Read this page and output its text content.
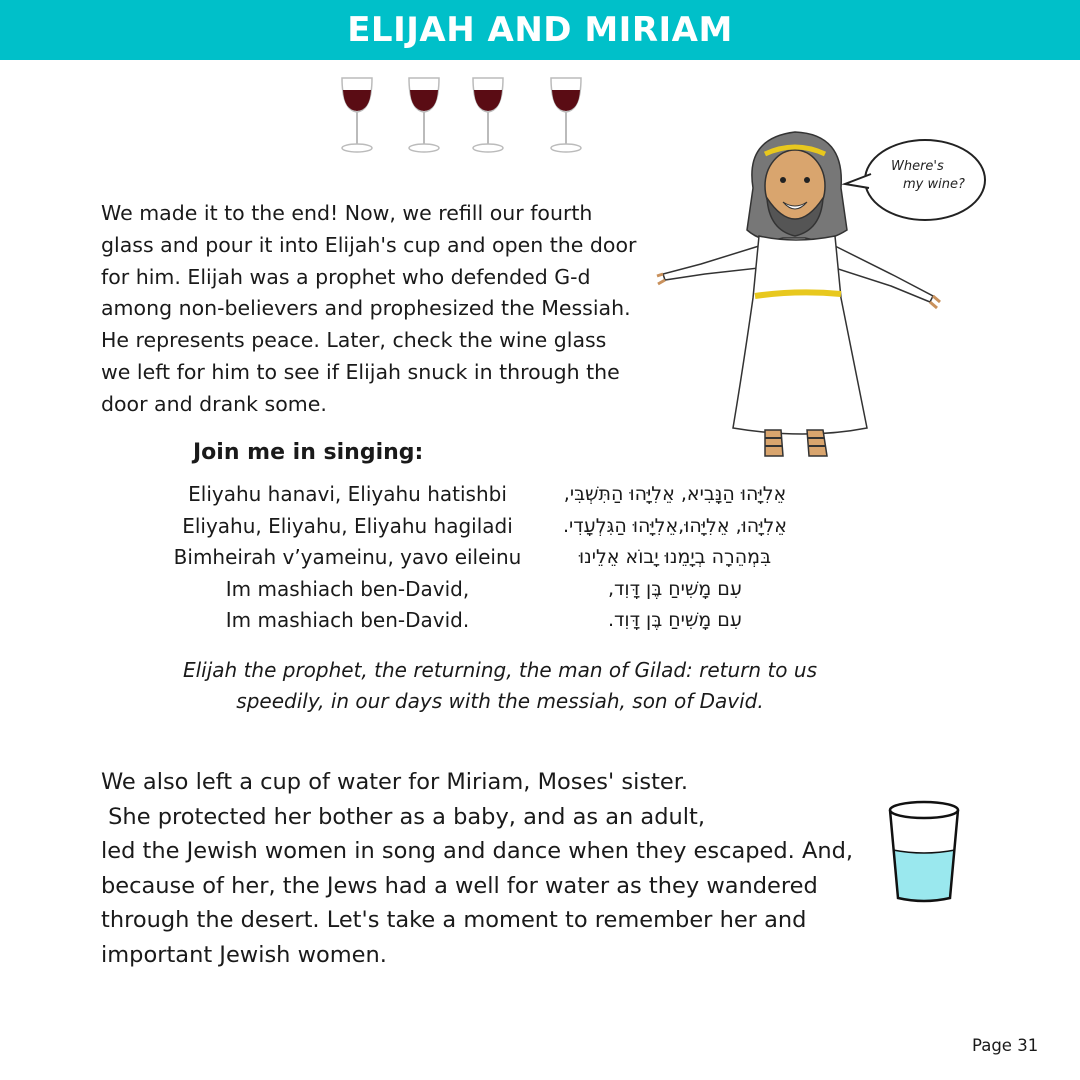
ELIJAH AND MIRIAM

We made it to the end! Now, we refill our fourth glass and pour it into Elijah's cup and open the door for him. Elijah was a prophet who defended G-d among non-believers and prophesized the Messiah. He represents peace. Later, check the wine glass we left for him to see if Elijah snuck in through the door and drank some.

Where's
my wine?
Join me in singing:
Eliyahu hanavi, Eliyahu hatishbi
Eliyahu, Eliyahu, Eliyahu hagiladi
Bimheirah v’yameinu, yavo eileinu
Im mashiach ben-David,
Im mashiach ben-David.
אֵלִיָּהוּ הַנָּבִיא, אֵלִיָּהוּ הַתִּשְׁבִּי,
אֵלִיָּהוּ, אֵלִיָּהוּ,אֵלִיָּהוּ הַגִּלְעָדִי.
בִּמְהֵרָה בְיָמֵנוּ יָבוֹא אֵלֵינוּ
עִם מָשִׁיחַ בֶּן דָּוִד,
עִם מָשִׁיחַ בֶּן דָּוִד.

Elijah the prophet, the returning, the man of Gilad: return to us speedily, in our days with the messiah, son of David.

We also left a cup of water for Miriam, Moses' sister.
She protected her bother as a baby, and as an adult,
led the Jewish women in song and dance when they escaped. And,
because of her, the Jews had a well for water as they wandered
through the desert. Let's take a moment to remember her and
important Jewish women.

Page 31
